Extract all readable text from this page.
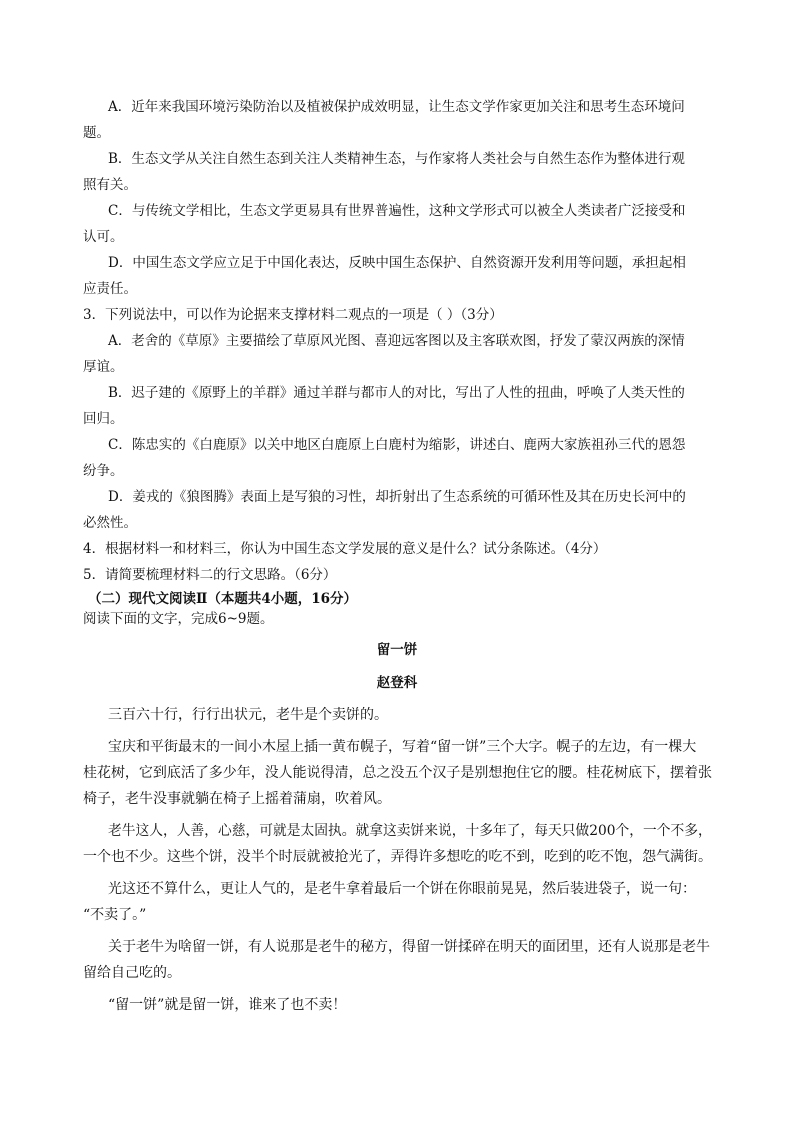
A．近年来我国环境污染防治以及植被保护成效明显，让生态文学作家更加关注和思考生态环境问
题。
B．生态文学从关注自然生态到关注人类精神生态，与作家将人类社会与自然生态作为整体进行观
照有关。
C．与传统文学相比，生态文学更易具有世界普遍性，这种文学形式可以被全人类读者广泛接受和
认可。
D．中国生态文学应立足于中国化表达，反映中国生态保护、自然资源开发利用等问题，承担起相
应责任。
3．下列说法中，可以作为论据来支撑材料二观点的一项是（ ）（3分）
A．老舍的《草原》主要描绘了草原风光图、喜迎远客图以及主客联欢图，抒发了蒙汉两族的深情
厚谊。
B．迟子建的《原野上的羊群》通过羊群与都市人的对比，写出了人性的扭曲，呼唤了人类天性的
回归。
C．陈忠实的《白鹿原》以关中地区白鹿原上白鹿村为缩影，讲述白、鹿两大家族祖孙三代的恩怨
纷争。
D．姜戎的《狼图腾》表面上是写狼的习性，却折射出了生态系统的可循环性及其在历史长河中的
必然性。
4．根据材料一和材料三，你认为中国生态文学发展的意义是什么？试分条陈述。（4分）
5．请简要梳理材料二的行文思路。（6分）
（二）现代文阅读Ⅱ（本题共4小题，16分）
阅读下面的文字，完成6~9题。
留一饼
赵登科
三百六十行，行行出状元，老牛是个卖饼的。
宝庆和平街最末的一间小木屋上插一黄布幌子，写着“留一饼”三个大字。幌子的左边，有一棵大
桂花树，它到底活了多少年，没人能说得清，总之没五个汉子是别想抱住它的腰。桂花树底下，摆着张
椅子，老牛没事就躺在椅子上摇着蒲扇，吹着风。
老牛这人，人善，心慈，可就是太固执。就拿这卖饼来说，十多年了，每天只做200个，一个不多，
一个也不少。这些个饼，没半个时辰就被抢光了，弄得许多想吃的吃不到，吃到的吃不饱，怨气满街。
光这还不算什么，更让人气的，是老牛拿着最后一个饼在你眼前晃晃，然后装进袋子，说一句：
“不卖了。”
关于老牛为啥留一饼，有人说那是老牛的秘方，得留一饼揉碎在明天的面团里，还有人说那是老牛
留给自己吃的。
“留一饼”就是留一饼，谁来了也不卖！
